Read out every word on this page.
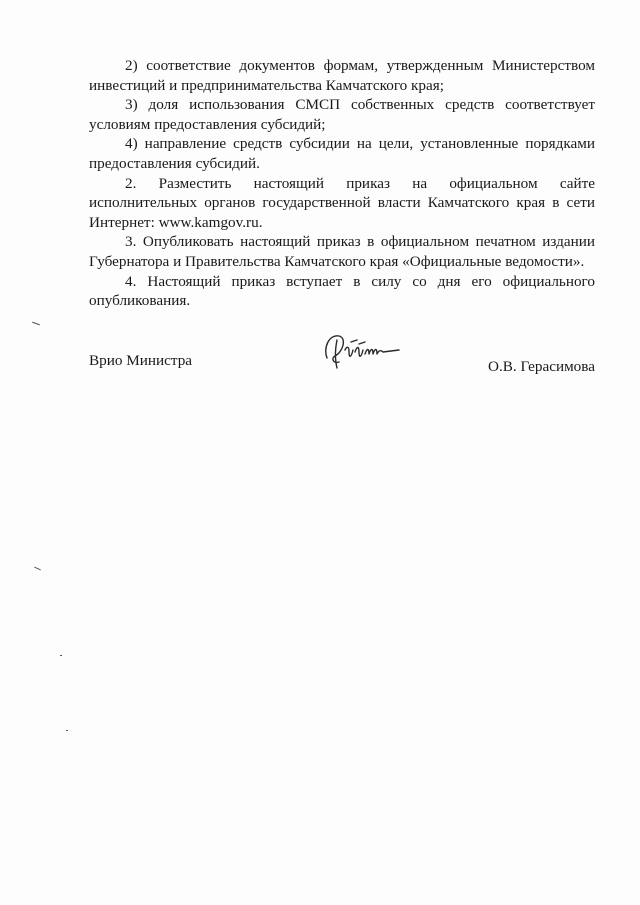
2) соответствие документов формам, утвержденным Министерством

инвестиций и предпринимательства Камчатского края;

3) доля использования СМСП собственных средств соответствует

условиям предоставления субсидий;

4) направление средств субсидии на цели, установленные порядками

предоставления субсидий.

2. Разместить настоящий приказ на официальном сайте

исполнительных органов государственной власти Камчатского края в сети Интернет: www.kamgov.ru.

3. Опубликовать настоящий приказ в официальном печатном издании

Губернатора и Правительства Камчатского края «Официальные ведомости».

4. Настоящий приказ вступает в силу со дня его официального

опубликования.

Врио Министра	О.В. Герасимова
